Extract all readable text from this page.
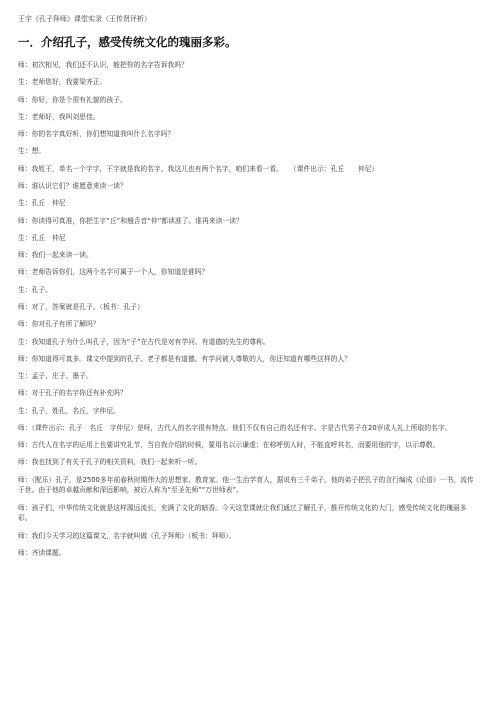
王宇《孔子拜师》课堂实录（王传贤评析）
一．介绍孔子，感受传统文化的瑰丽多彩。

师：初次相见，我们还不认识，能把你的名字告诉我吗？

生：老师您好，我要梁齐正。

师：你好，你是个很有礼貌的孩子。

生：老师好，我叫刘思佳。

师：你的名字真好听，你们想知道我叫什么名字吗？

生：想。

师：我姓王，单名一个宇字，王宇就是我的名字。我这儿也有两个名字，咱们来看一看。　　（课件出示：孔丘　　仲尼）

师：谁认识它们？谁愿意来读一读？

生：孔丘　仲尼

师：你读得可真准，你把生字“丘”和翘舌音“仲”都读准了。谁再来读一读？

生：孔丘　仲尼

师：我们一起来读一读。

师：老师告诉你们，这两个名字可属于一个人，你知道是谁吗？

生：孔子。

师：对了，答案就是孔子。（板书：孔子）

师：你对孔子有所了解吗？

生：我知道孔子为什么叫孔子，因为“子”在古代是对有学问、有道德的先生的尊称。

师：你知道得可真多。课文中提到的孔子、老子都是有道德、有学问被人尊敬的人，你还知道有哪些这样的人？

生：孟子、庄子、墨子。

师：对于孔子的名字你还有补充吗？

生：孔子，姓孔，名丘，字仲尼。

师：（课件出示：孔子　名丘　字仲尼）是呀，古代人的名字很有特点。他们不仅有自己的名还有字。字是古代男子在20岁成人礼上所取的名字。

师：古代人在名字的运用上也要讲究礼节，当自我介绍的时候，要用名以示谦虚；在称呼别人时，不能直呼其名，而要用他的字，以示尊敬。

师：我也找到了有关于孔子的相关资料，我们一起来听一听。

师：（配乐）孔子，是2500多年前春秋时期伟大的思想家、教育家。他一生治学育人，据说有三千弟子。他的弟子把孔子的言行编成《论语》一书，流传于世。由于他的卓越贡献和深远影响，被后人称为“至圣先师”“万世师表”。

师：孩子们，中华传统文化就是这样源远流长，充满了文化的暗香。今天这堂课就让我们通过了解孔子，推开传统文化的大门，感受传统文化的瑰丽多彩。

师：我们今天学习的这篇课文，名字就叫做《孔子拜师》（板书：拜师）。

师：齐读课题。
